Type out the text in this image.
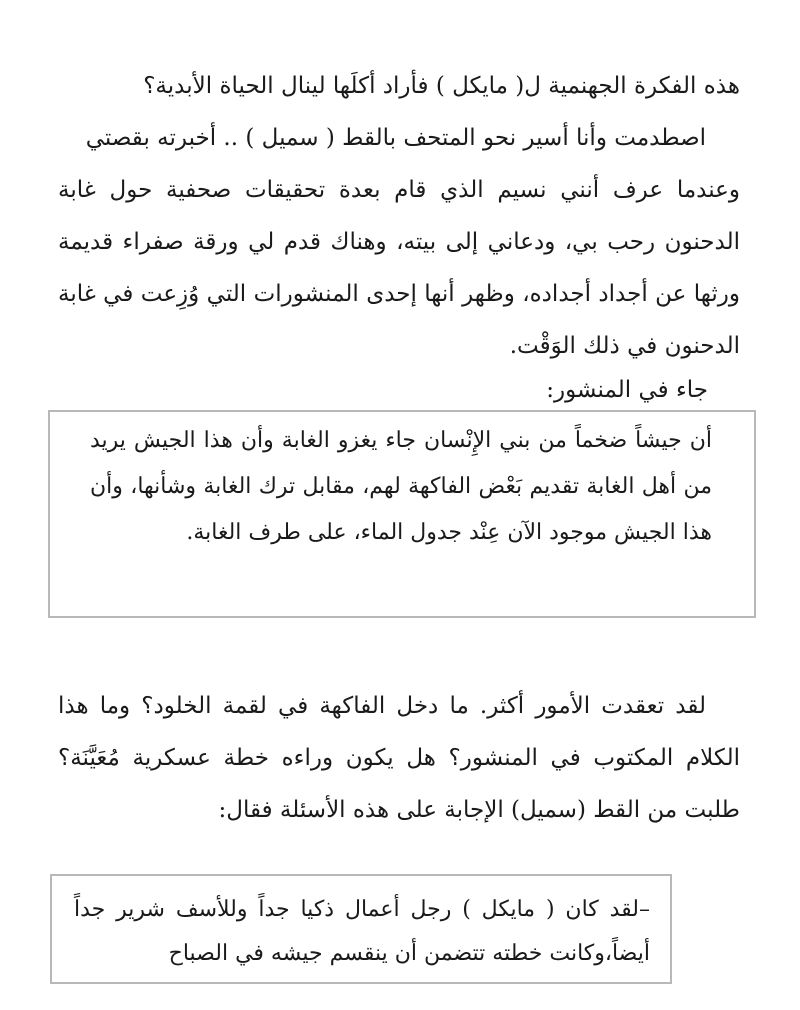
هذه الفكرة الجهنمية ل( مايكل ) فأراد أكلَها لينال الحياة الأبدية؟
اصطدمت وأنا أسير نحو المتحف بالقط ( سميل ) .. أخبرته بقصتي
وعندما عرف أنني نسيم الذي قام بعدة تحقيقات صحفية حول غابة الدحنون رحب بي، ودعاني إلى بيته، وهناك قدم لي ورقة صفراء قديمة ورثها عن أجداد أجداده، وظهر أنها إحدى المنشورات التي وُزِعت في غابة الدحنون في ذلك الوَقْت.
جاء في المنشور:

أن جيشاً ضخماً من بني الإِنْسان جاء يغزو الغابة وأن هذا الجيش يريد من أهل الغابة تقديم بَعْض الفاكهة لهم، مقابل ترك الغابة وشأنها، وأن هذا الجيش موجود الآن عِنْد جدول الماء، على طرف الغابة.

لقد تعقدت الأمور أكثر. ما دخل الفاكهة في لقمة الخلود؟ وما هذا الكلام المكتوب في المنشور؟ هل يكون وراءه خطة عسكرية مُعَيَّنَة؟طلبت من القط (سميل) الإجابة على هذه الأسئلة فقال:

–لقد كان ( مايكل ) رجل أعمال ذكيا جداً وللأسف شرير جداً أيضاً،وكانت خطته تتضمن أن ينقسم جيشه في الصباح
